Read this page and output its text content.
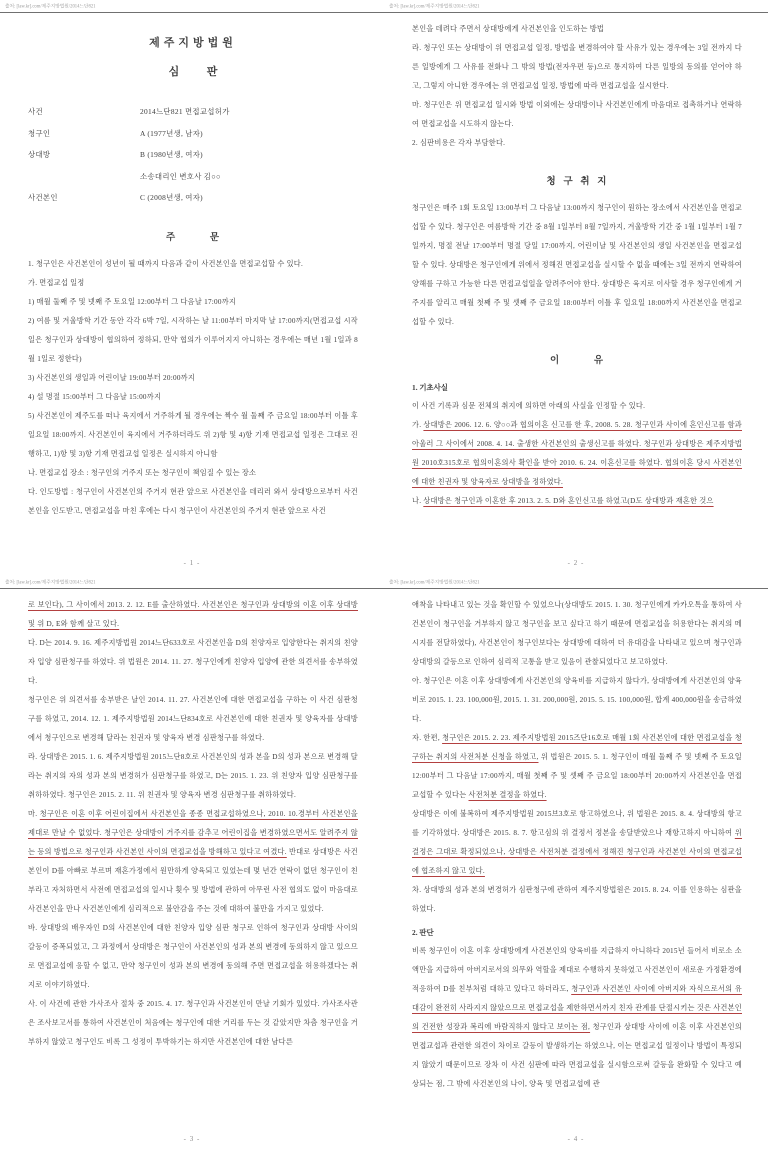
출처: [law.kr].com/제주지방법원/2014느단821
제주지방법원
심          판
사건	2014느단821 면접교섭허가
청구인	A (1977년생, 남자)
상대방	B (1980년생, 여자)
소송대리인 변호사 김○○
사건본인	C (2008년생, 여자)
주          문
1. 청구인은 사건본인이 성년이 될 때까지 다음과 같이 사건본인을 면접교섭할 수 있다.
가. 면접교섭 일정
1) 매월 둘째 주 및 넷째 주 토요일 12:00부터 그 다음날 17:00까지
2) 여름 및 겨울방학 기간 동안 각각 6박 7일, 시작하는 날 11:00부터 마지막 날 17:00까지(면접교섭 시작일은 청구인과 상대방이 협의하여 정하되, 만약 협의가 이루어지지 아니하는 경우에는 매년 1월 1일과 8월 1일로 정한다)
3) 사건본인의 생일과 어린이날 19:00부터 20:00까지
4) 설 명절 15:00부터 그 다음날 15:00까지
5) 사건본인이 제주도를 떠나 육지에서 거주하게 될 경우에는 짝수 월 둘째 주 금요일 18:00부터 이틀 후 일요일 18:00까지. 사건본인이 육지에서 거주하더라도 위 2)항 및 4)항 기재 면접교섭 일정은 그대로 진행하고, 1)항 및 3)항 기재 면접교섭 일정은 실시하지 아니함
나. 면접교섭 장소 : 청구인의 거주지 또는 청구인이 책임질 수 있는 장소
다. 인도방법 : 청구인이 사건본인의 주거지 현관 앞으로 사건본인을 데리러 와서 상대방으로부터 사건본인을 인도받고, 면접교섭을 마친 후에는 다시 청구인이 사건본인의 주거지 현관 앞으로 사건
- 1 -
출처: [law.kr].com/제주지방법원/2014느단821
본인을 데려다 주면서 상대방에게 사건본인을 인도하는 방법
라. 청구인 또는 상대방이 위 면접교섭 일정, 방법을 변경하여야 할 사유가 있는 경우에는 3일 전까지 다른 일방에게 그 사유를 전화나 그 밖의 방법(전자우편 등)으로 통지하여 다른 일방의 동의를 얻어야 하고, 그렇지 아니한 경우에는 위 면접교섭 일정, 방법에 따라 면접교섭을 실시한다.
마. 청구인은 위 면접교섭 일시와 방법 이외에는 상대방이나 사건본인에게 마음대로 접촉하거나 연락하여 면접교섭을 시도하지 않는다.
2. 심판비용은 각자 부담한다.
청  구  취  지
청구인은 매주 1회 토요일 13:00부터 그 다음날 13:00까지 청구인이 원하는 장소에서 사건본인을 면접교섭할 수 있다. 청구인은 여름방학 기간 중 8월 1일부터 8월 7일까지, 겨울방학 기간 중 1월 1일부터 1월 7일까지, 명절 전날 17:00부터 명절 당일 17:00까지, 어린이날 및 사건본인의 생일 사건본인을 면접교섭할 수 있다. 상대방은 청구인에게 위에서 정해진 면접교섭을 실시할 수 없을 때에는 3일 전까지 연락하여 양해를 구하고 가능한 다른 면접교섭일을 알려주어야 한다. 상대방은 육지로 이사할 경우 청구인에게 거주지를 알리고 매월 첫째 주 및 셋째 주 금요일 18:00부터 이틀 후 일요일 18:00까지 사건본인을 면접교섭할 수 있다.
이          유
1. 기초사실
이 사건 기록과 심문 전체의 취지에 의하면 아래의 사실을 인정할 수 있다.
가. 상대방은 2006. 12. 6. 양○○과 협의이혼 신고를 한 후, 2008. 5. 28. 청구인과 사이에 혼인신고를 함과 아울러 그 사이에서 2008. 4. 14. 출생한 사건본인의 출생신고를 하였다. 청구인과 상대방은 제주지방법원 2010호315호로 협의이혼의사 확인을 받아 2010. 6. 24. 이혼신고를 하였다. 협의이혼 당시 사건본인에 대한 친권자 및 양육자로 상대방을 정하였다.
나. 상대방은 청구인과 이혼한 후 2013. 2. 5. D와 혼인신고를 하였고(D도 상대방과 재혼한 것으
- 2 -
출처: [law.kr].com/제주지방법원/2014느단821
로 보인다), 그 사이에서 2013. 2. 12. E를 출산하였다. 사건본인은 청구인과 상대방의 이혼 이후 상대방 및 위 D, E와 함께 살고 있다.
다. D는 2014. 9. 16. 제주지방법원 2014느단633호로 사건본인을 D의 친양자로 입양한다는 취지의 친양자 입양 심판청구를 하였다. 위 법원은 2014. 11. 27. 청구인에게 친양자 입양에 관한 의견서를 송부하였다.
청구인은 위 의견서를 송부받은 날인 2014. 11. 27. 사건본인에 대한 면접교섭을 구하는 이 사건 심판청구를 하였고, 2014. 12. 1. 제주지방법원 2014느단834호로 사건본인에 대한 친권자 및 양육자를 상대방에서 청구인으로 변경해 달라는 친권자 및 양육자 변경 심판청구를 하였다.
라. 상대방은 2015. 1. 6. 제주지방법원 2015느단8호로 사건본인의 성과 본을 D의 성과 본으로 변경해 달라는 취지의 자의 성과 본의 변경허가 심판청구를 하였고, D는 2015. 1. 23. 위 친양자 입양 심판청구를 취하하였다. 청구인은 2015. 2. 11. 위 친권자 및 양육자 변경 심판청구를 취하하였다.
마. 청구인은 이혼 이후 어린이집에서 사건본인을 종종 면접교섭하였으나, 2010. 10.경부터 사건본인을 제대로 만날 수 없었다. 청구인은 상대방이 거주지를 감추고 어린이집을 변경하였으면서도 알려주지 않는 등의 방법으로 청구인과 사건본인 사이의 면접교섭을 방해하고 있다고 여겼다. 반대로 상대방은 사건본인이 D를 아빠로 부르며 재혼가정에서 원만하게 양육되고 있었는데 몇 년간 연락이 없던 청구인이 친부라고 자처하면서 사전에 면접교섭의 일시나 횟수 및 방법에 관하여 아무런 사전 협의도 없이 마음대로 사건본인을 만나 사건본인에게 심리적으로 불안감을 주는 것에 대하여 불만을 가지고 있었다.
바. 상대방의 배우자인 D의 사건본인에 대한 친양자 입양 심판 청구로 인하여 청구인과 상대방 사이의 갈등이 증폭되었고, 그 과정에서 상대방은 청구인이 사건본인의 성과 본의 변경에 동의하지 않고 있으므로 면접교섭에 응할 수 없고, 만약 청구인이 성과 본의 변경에 동의해 주면 면접교섭을 허용하겠다는 취지로 이야기하였다.
사. 이 사건에 관한 가사조사 절차 중 2015. 4. 17. 청구인과 사건본인이 만날 기회가 있었다. 가사조사관은 조사보고서를 통하여 사건본인이 처음에는 청구인에 대한 거리를 두는 것 같았지만 차츰 청구인을 거부하지 않았고 청구인도 비록 그 성정이 투박하기는 하지만 사건본인에 대한 남다른
- 3 -
출처: [law.kr].com/제주지방법원/2014느단821
애착을 나타내고 있는 것을 확인할 수 있었으나(상대방도 2015. 1. 30. 청구인에게 카카오톡을 통하여 사건본인이 청구인을 거부하지 않고 청구인을 보고 싶다고 하기 때문에 면접교섭을 허용한다는 취지의 메시지를 전달하였다), 사건본인이 청구인보다는 상대방에 대하여 더 유대감을 나타내고 있으며 청구인과 상대방의 갈등으로 인하여 심리적 고통을 받고 있음이 관찰되었다고 보고하였다.
아. 청구인은 이혼 이후 상대방에게 사건본인의 양육비를 지급하지 않다가, 상대방에게 사건본인의 양육비로 2015. 1. 23. 100,000원, 2015. 1. 31. 200,000원, 2015. 5. 15. 100,000원, 합계 400,000원을 송금하였다.
자. 한편, 청구인은 2015. 2. 23. 제주지방법원 2015즈단16호로 매월 1회 사건본인에 대한 면접교섭을 청구하는 취지의 사전처분 신청을 하였고, 위 법원은 2015. 5. 1. 청구인이 매월 둘째 주 및 넷째 주 토요일 12:00부터 그 다음날 17:00까지, 매월 첫째 주 및 셋째 주 금요일 18:00부터 20:00까지 사건본인을 면접교섭할 수 있다는 사전처분 결정을 하였다.
상대방은 이에 불복하여 제주지방법원 2015브3호로 항고하였으나, 위 법원은 2015. 8. 4. 상대방의 항고를 기각하였다. 상대방은 2015. 8. 7. 항고심의 위 결정서 정본을 송달받았으나 재항고하지 아니하여 위 결정은 그대로 확정되었으나, 상대방은 사전처분 결정에서 정해진 청구인과 사건본인 사이의 면접교섭에 협조하지 않고 있다.
차. 상대방의 성과 본의 변경허가 심판청구에 관하여 제주지방법원은 2015. 8. 24. 이를 인용하는 심판을 하였다.
2. 판단
비록 청구인이 이혼 이후 상대방에게 사건본인의 양육비를 지급하지 아니하다 2015년 들어서 비로소 소액만을 지급하여 아버지로서의 의무와 역할을 제대로 수행하지 못하였고 사건본인이 새로운 가정환경에 적응하여 D를 친부처럼 대하고 있다고 하더라도, 청구인과 사건본인 사이에 아버지와 자식으로서의 유대감이 완전히 사라지지 않았으므로 면접교섭을 제한하면서까지 친자 관계를 단절시키는 것은 사건본인의 건전한 성장과 복리에 바람직하지 않다고 보이는 점, 청구인과 상대방 사이에 이혼 이후 사건본인의 면접교섭과 관련한 의견이 차이로 갈등이 발생하기는 하였으나, 이는 면접교섭 일정이나 방법이 특정되지 않았기 때문이므로 장차 이 사건 심판에 따라 면접교섭을 실시함으로써 갈등을 완화할 수 있다고 예상되는 점, 그 밖에 사건본인의 나이, 양육 및 면접교섭에 관
- 4 -
